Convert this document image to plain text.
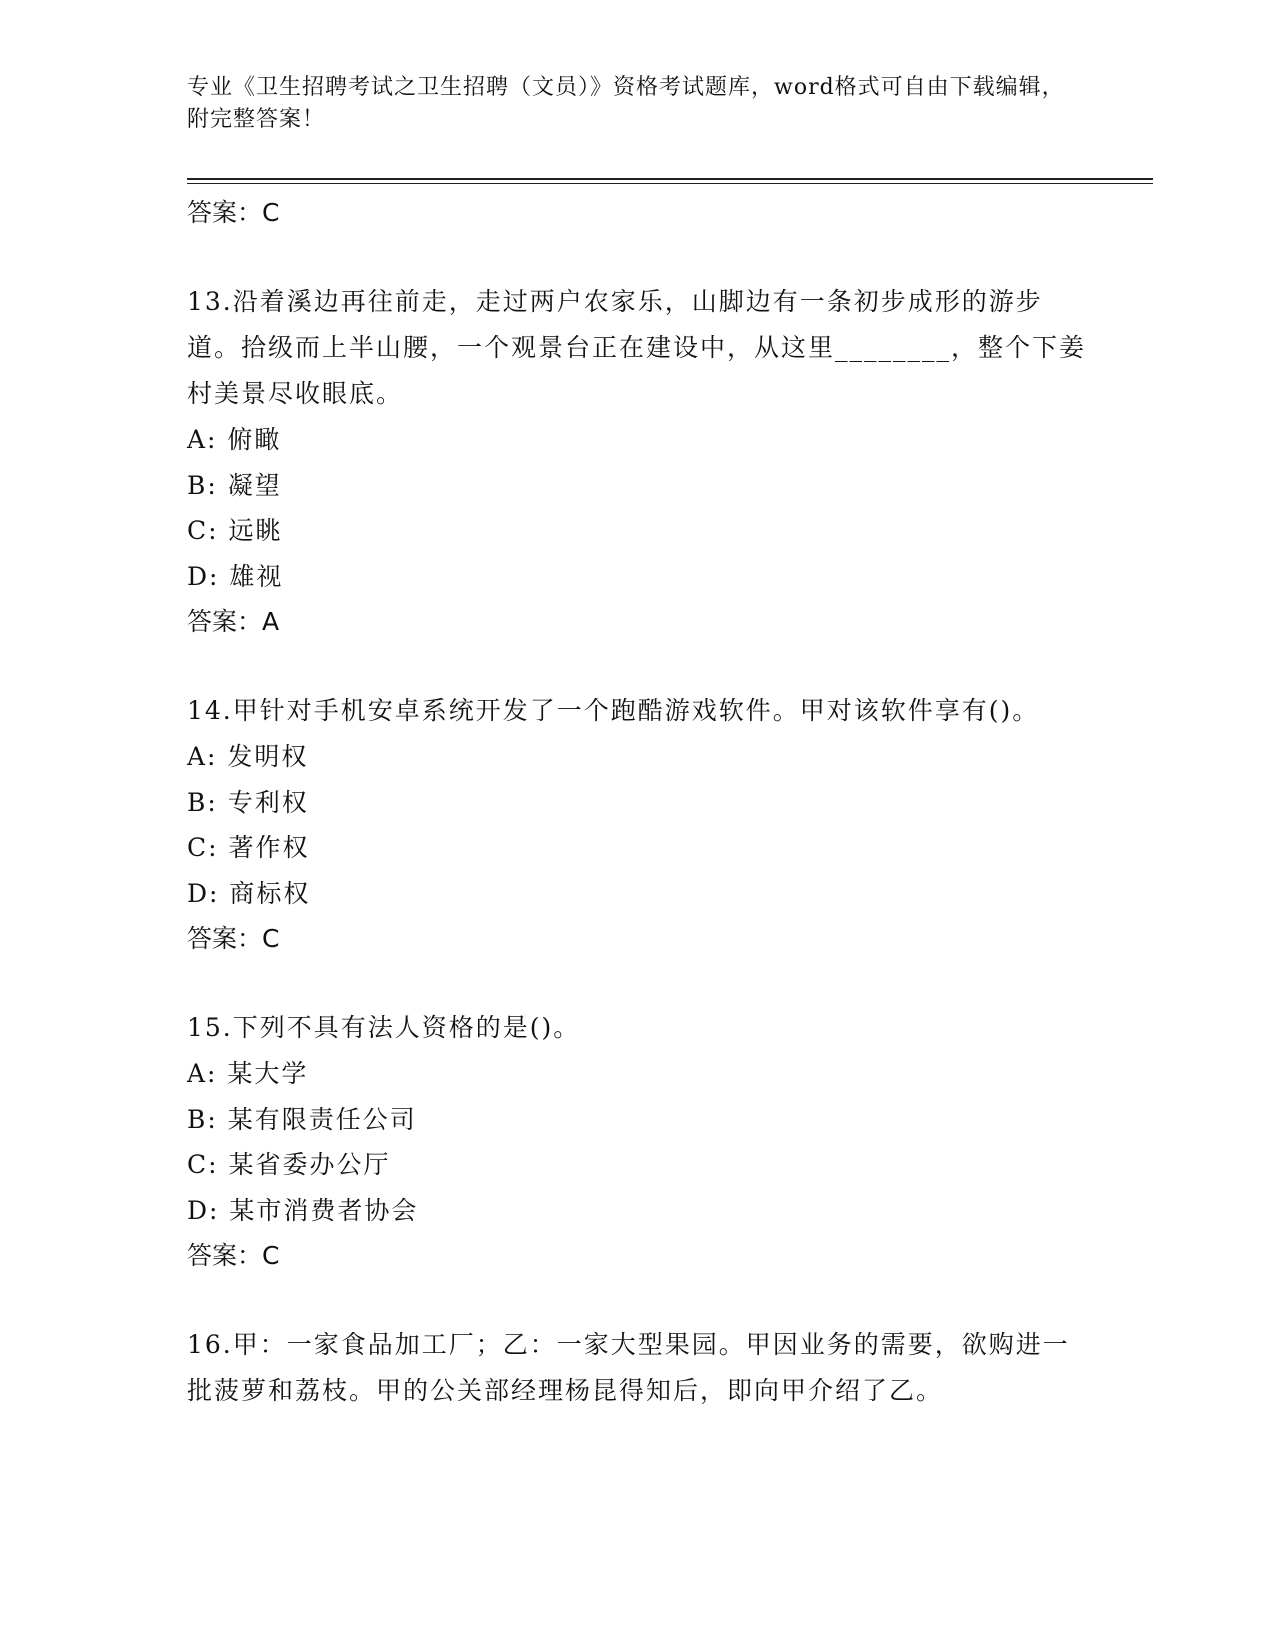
专业《卫生招聘考试之卫生招聘（文员）》资格考试题库，word格式可自由下载编辑，附完整答案！

答案：C

13.沿着溪边再往前走，走过两户农家乐，山脚边有一条初步成形的游步道。拾级而上半山腰，一个观景台正在建设中，从这里________，整个下姜村美景尽收眼底。

A: 俯瞰

B: 凝望

C: 远眺

D: 雄视

答案：A

14.甲针对手机安卓系统开发了一个跑酷游戏软件。甲对该软件享有()。

A: 发明权

B: 专利权

C: 著作权

D: 商标权

答案：C

15.下列不具有法人资格的是()。

A: 某大学

B: 某有限责任公司

C: 某省委办公厅

D: 某市消费者协会

答案：C

16.甲：一家食品加工厂；乙：一家大型果园。甲因业务的需要，欲购进一批菠萝和荔枝。甲的公关部经理杨昆得知后，即向甲介绍了乙。
